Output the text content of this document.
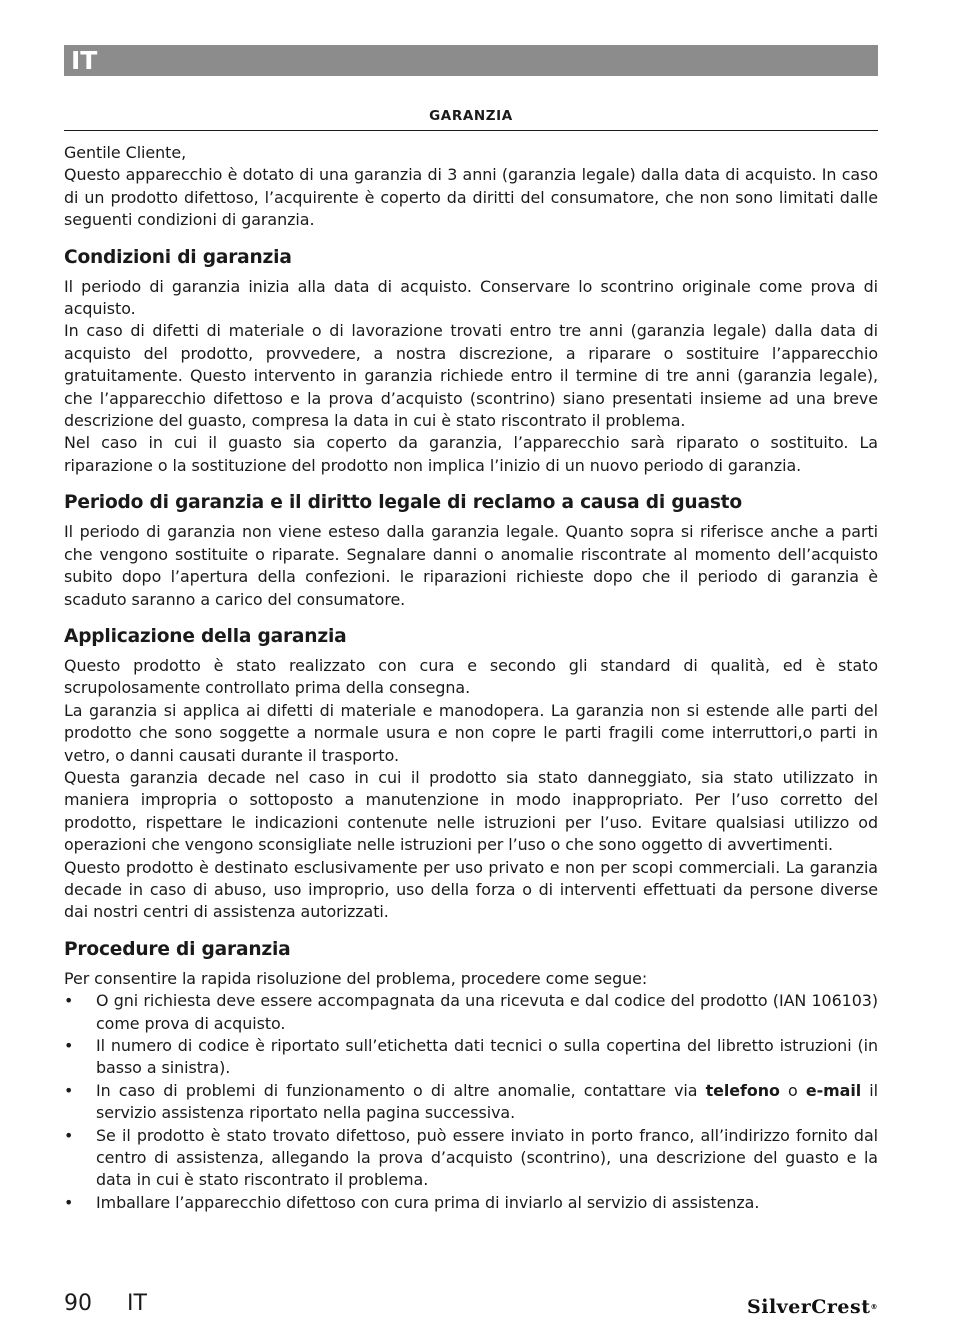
IT
GARANZIA

Gentile Cliente,

Questo apparecchio è dotato di una garanzia di 3 anni (garanzia legale) dalla data di acquisto. In caso di un prodotto difettoso, l’acquirente è coperto da diritti del consumatore, che non sono limitati dalle seguenti condizioni di garanzia.

Condizioni di garanzia

Il periodo di garanzia inizia alla data di acquisto. Conservare lo scontrino originale come prova di acquisto.

In caso di difetti di materiale o di lavorazione trovati entro tre anni (garanzia legale) dalla data di acquisto del prodotto, provvedere, a nostra discrezione, a riparare o sostituire l’apparecchio gratuitamente. Questo intervento in garanzia richiede entro il termine di tre anni (garanzia legale), che l’apparecchio difettoso e la prova d’acquisto (scontrino) siano presentati insieme ad una breve descrizione del guasto, compresa la data in cui è stato riscontrato il problema.

Nel caso in cui il guasto sia coperto da garanzia, l’apparecchio sarà riparato o sostituito. La riparazione o la sostituzione del prodotto non implica l’inizio di un nuovo periodo di garanzia.

Periodo di garanzia e il diritto legale di reclamo a causa di guasto

Il periodo di garanzia non viene esteso dalla garanzia legale. Quanto sopra si riferisce anche a parti che vengono sostituite o riparate. Segnalare danni o anomalie riscontrate al momento dell’acquisto subito dopo l’apertura della confezioni. le riparazioni richieste dopo che il periodo di garanzia è scaduto saranno a carico del consumatore.

Applicazione della garanzia

Questo prodotto è stato realizzato con cura e secondo gli standard di qualità, ed è stato scrupolosamente controllato prima della consegna.

La garanzia si applica ai difetti di materiale e manodopera. La garanzia non si estende alle parti del prodotto che sono soggette a normale usura e non copre le parti fragili come interruttori,o parti in vetro, o danni causati durante il trasporto.

Questa garanzia decade nel caso in cui il prodotto sia stato danneggiato, sia stato utilizzato in maniera impropria o sottoposto a manutenzione in modo inappropriato. Per l’uso corretto del prodotto, rispettare le indicazioni contenute nelle istruzioni per l’uso. Evitare qualsiasi utilizzo od operazioni che vengono sconsigliate nelle istruzioni per l’uso o che sono oggetto di avvertimenti.

Questo prodotto è destinato esclusivamente per uso privato e non per scopi commerciali. La garanzia decade in caso di abuso, uso improprio, uso della forza o di interventi effettuati da persone diverse dai nostri centri di assistenza autorizzati.

Procedure di garanzia

Per consentire la rapida risoluzione del problema, procedere come segue:

• O gni richiesta deve essere accompagnata da una ricevuta e dal codice del prodotto (IAN 106103) come prova di acquisto.
• Il numero di codice è riportato sull’etichetta dati tecnici o sulla copertina del libretto istruzioni (in basso a sinistra).
• In caso di problemi di funzionamento o di altre anomalie, contattare via telefono o e-mail il servizio assistenza riportato nella pagina successiva.
• Se il prodotto è stato trovato difettoso, può essere inviato in porto franco, all’indirizzo fornito dal centro di assistenza, allegando la prova d’acquisto (scontrino), una descrizione del guasto e la data in cui è stato riscontrato il problema.
• Imballare l’apparecchio difettoso con cura prima di inviarlo al servizio di assistenza.
90 IT	SilverCrest®
